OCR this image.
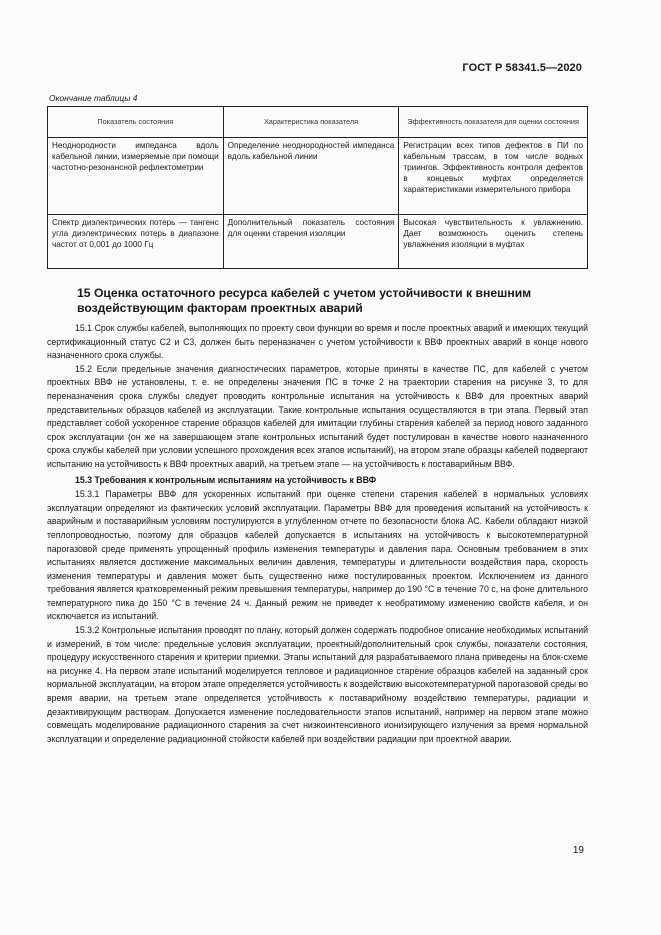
ГОСТ Р 58341.5—2020
Окончание таблицы 4
Показатель состояния	Характеристика показателя	Эффективность показателя для оценки состояния
Неоднородности импеданса вдоль кабельной линии, измеряемые при помощи частотно-резонансной рефлектометрии	Определение неоднородностей импеданса вдоль кабельной линии	Регистрации всех типов дефектов в ПИ по кабельным трассам, в том числе водных триингов. Эффективность контроля дефектов в концевых муфтах определяется характеристиками измерительного прибора
Спектр диэлектрических потерь — тангенс угла диэлектрических потерь в диапазоне частот от 0,001 до 1000 Гц	Дополнительный показатель состояния для оценки старения изоляции	Высокая чувствительность к увлажнению. Дает возможность оценить степень увлажнения изоляции в муфтах
15 Оценка остаточного ресурса кабелей с учетом устойчивости к внешним воздействующим факторам проектных аварий

15.1 Срок службы кабелей, выполняющих по проекту свои функции во время и после проектных аварий и имеющих текущий сертификационный статус C2 и C3, должен быть переназначен с учетом устойчивости к ВВФ проектных аварий в конце нового назначенного срока службы.

15.2 Если предельные значения диагностических параметров, которые приняты в качестве ПС, для кабелей с учетом проектных ВВФ не установлены, т. е. не определены значения ПС в точке 2 на траектории старения на рисунке 3, то для переназначения срока службы следует проводить контрольные испытания на устойчивость к ВВФ для проектных аварий представительных образцов кабелей из эксплуатации. Такие контрольные испытания осуществляются в три этапа. Первый этап представляет собой ускоренное старение образцов кабелей для имитации глубины старения кабелей за период нового заданного срок эксплуатации (он же на завершающем этапе контрольных испытаний будет постулирован в качестве нового назначенного срока службы кабелей при условии успешного прохождения всех этапов испытаний), на втором этапе образцы кабелей подвергают испытанию на устойчивость к ВВФ проектных аварий, на третьем этапе — на устойчивость к поставарийным ВВФ.

15.3 Требования к контрольным испытаниям на устойчивость к ВВФ

15.3.1 Параметры ВВФ для ускоренных испытаний при оценке степени старения кабелей в нормальных условиях эксплуатации определяют из фактических условий эксплуатации. Параметры ВВФ для проведения испытаний на устойчивость к аварийным и поставарийным условиям постулируются в углубленном отчете по безопасности блока АС. Кабели обладают низкой теплопроводностью, поэтому для образцов кабелей допускается в испытаниях на устойчивость к высокотемпературной парогазовой среде применять упрощенный профиль изменения температуры и давления пара. Основным требованием в этих испытаниях является достижение максимальных величин давления, температуры и длительности воздействия пара, скорость изменения температуры и давления может быть существенно ниже постулированных проектом. Исключением из данного требования является кратковременный режим превышения температуры, например до 190 °C в течение 70 с, на фоне длительного температурного пика до 150 °C в течение 24 ч. Данный режим не приведет к необратимому изменению свойств кабеля, и он исключается из испытаний.

15.3.2 Контрольные испытания проводят по плану, который должен содержать подробное описание необходимых испытаний и измерений, в том числе: предельные условия эксплуатации, проектный/дополнительный срок службы, показатели состояния, процедуру искусственного старения и критерии приемки. Этапы испытаний для разрабатываемого плана приведены на блок-схеме на рисунке 4. На первом этапе испытаний моделируется тепловое и радиационное старение образцов кабелей на заданный срок нормальной эксплуатации, на втором этапе определяется устойчивость к воздействию высокотемпературной парогазовой среды во время аварии, на третьем этапе определяется устойчивость к поставарийному воздействию температуры, радиации и дезактивирующим растворам. Допускается изменение последовательности этапов испытаний, например на первом этапе можно совмещать моделирование радиационного старения за счет низкоинтенсивного ионизирующего излучения за время нормальной эксплуатации и определение радиационной стойкости кабелей при воздействии радиации при проектной аварии.

19
